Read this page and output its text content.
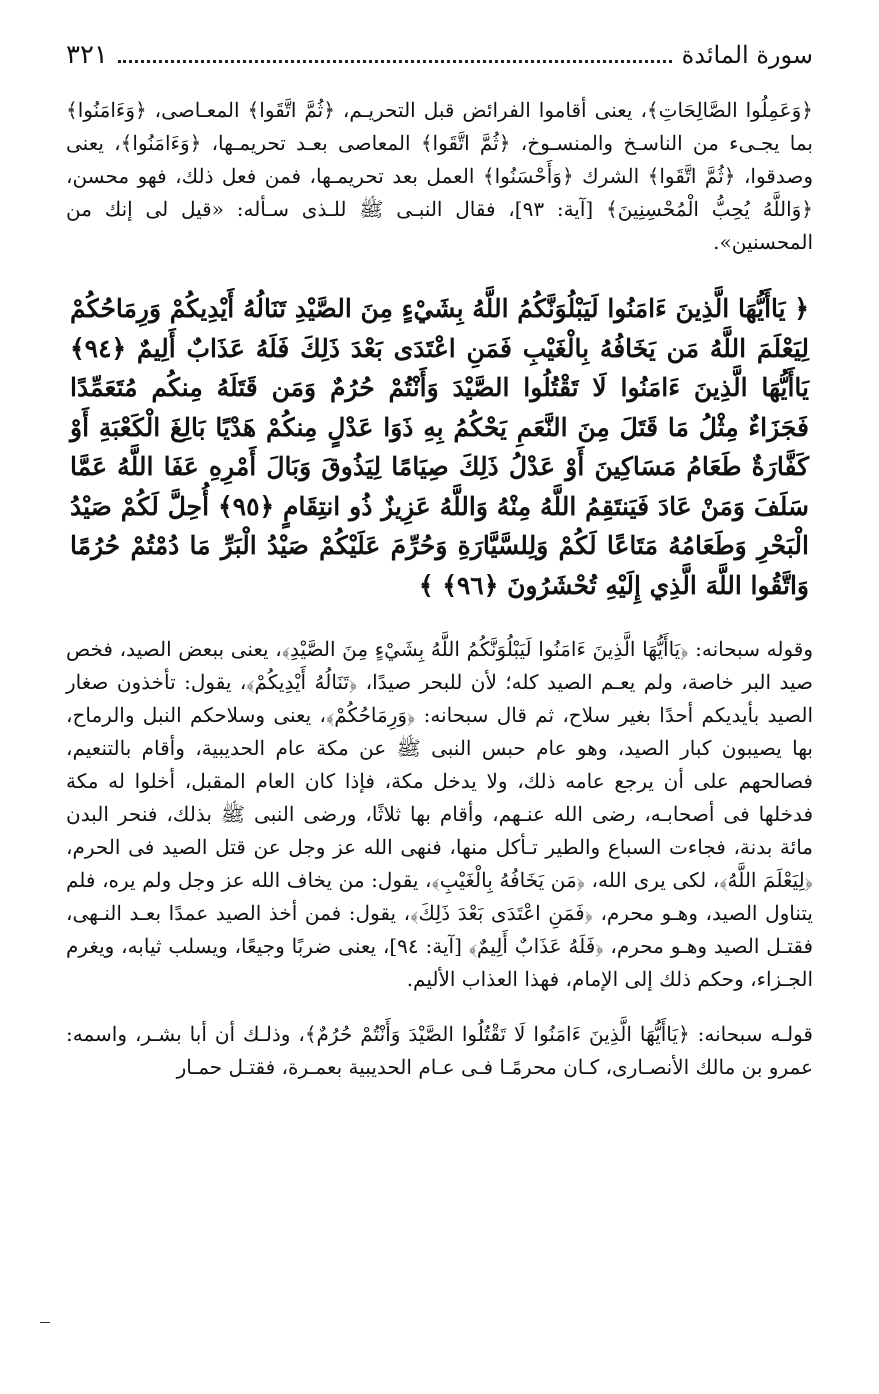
سورة المائدة
٣٢١

﴿وَعَمِلُوا الصَّالِحَاتِ﴾، يعنى أقاموا الفرائض قبل التحريـم، ﴿ثُمَّ اتَّقَوا﴾ المعـاصى، ﴿وَءَامَنُوا﴾ بما يجـىء من الناسـخ والمنسـوخ، ﴿ثُمَّ اتَّقَوا﴾ المعاصى بعـد تحريمـها، ﴿وَءَامَنُوا﴾، يعنى وصدقوا، ﴿ثُمَّ اتَّقَوا﴾ الشرك ﴿وَأَحْسَنُوا﴾ العمل بعد تحريمـها، فمن فعل ذلك، فهو محسن، ﴿وَاللَّهُ يُحِبُّ الْمُحْسِنِينَ﴾ [آية: ٩٣]، فقال النبـى ﷺ للـذى سـأله: «قيل لى إنك من المحسنين».

﴿ يَاأَيُّهَا الَّذِينَ ءَامَنُوا لَيَبْلُوَنَّكُمُ اللَّهُ بِشَيْءٍ مِنَ الصَّيْدِ تَنَالُهُ أَيْدِيكُمْ وَرِمَاحُكُمْ لِيَعْلَمَ اللَّهُ مَن يَخَافُهُ بِالْغَيْبِ فَمَنِ اعْتَدَى بَعْدَ ذَلِكَ فَلَهُ عَذَابٌ أَلِيمٌ ﴿٩٤﴾ يَاأَيُّهَا الَّذِينَ ءَامَنُوا لَا تَقْتُلُوا الصَّيْدَ وَأَنْتُمْ حُرُمٌ وَمَن قَتَلَهُ مِنكُم مُتَعَمِّدًا فَجَزَاءٌ مِثْلُ مَا قَتَلَ مِنَ النَّعَمِ يَحْكُمُ بِهِ ذَوَا عَدْلٍ مِنكُمْ هَدْيًا بَالِغَ الْكَعْبَةِ أَوْ كَفَّارَةٌ طَعَامُ مَسَاكِينَ أَوْ عَدْلُ ذَلِكَ صِيَامًا لِيَذُوقَ وَبَالَ أَمْرِهِ عَفَا اللَّهُ عَمَّا سَلَفَ وَمَنْ عَادَ فَيَنتَقِمُ اللَّهُ مِنْهُ وَاللَّهُ عَزِيزٌ ذُو انتِقَامٍ ﴿٩٥﴾ أُحِلَّ لَكُمْ صَيْدُ الْبَحْرِ وَطَعَامُهُ مَتَاعًا لَكُمْ وَلِلسَّيَّارَةِ وَحُرِّمَ عَلَيْكُمْ صَيْدُ الْبَرِّ مَا دُمْتُمْ حُرُمًا وَاتَّقُوا اللَّهَ الَّذِي إِلَيْهِ تُحْشَرُونَ ﴿٩٦﴾ ﴾

وقوله سبحانه: ﴿يَاأَيُّهَا الَّذِينَ ءَامَنُوا لَيَبْلُوَنَّكُمُ اللَّهُ بِشَيْءٍ مِنَ الصَّيْدِ﴾، يعنى ببعض الصيد، فخص صيد البر خاصة، ولم يعـم الصيد كله؛ لأن للبحر صيدًا، ﴿تَنَالُهُ أَيْدِيكُمْ﴾، يقول: تأخذون صغار الصيد بأيديكم أحدًا بغير سلاح، ثم قال سبحانه: ﴿وَرِمَاحُكُمْ﴾، يعنى وسلاحكم النبل والرماح، بها يصيبون كبار الصيد، وهو عام حبس النبى ﷺ عن مكة عام الحديبية، وأقام بالتنعيم، فصالحهم على أن يرجع عامه ذلك، ولا يدخل مكة، فإذا كان العام المقبل، أخلوا له مكة فدخلها فى أصحابـه، رضى الله عنـهم، وأقام بها ثلاثًا، ورضى النبى ﷺ بذلك، فنحر البدن مائة بدنة، فجاءت السباع والطير تـأكل منها، فنهى الله عز وجل عن قتل الصيد فى الحرم، ﴿لِيَعْلَمَ اللَّهُ﴾، لكى يرى الله، ﴿مَن يَخَافُهُ بِالْغَيْبِ﴾، يقول: من يخاف الله عز وجل ولم يره، فلم يتناول الصيد، وهـو محرم، ﴿فَمَنِ اعْتَدَى بَعْدَ ذَلِكَ﴾، يقول: فمن أخذ الصيد عمدًا بعـد النـهى، فقتـل الصيد وهـو محرم، ﴿فَلَهُ عَذَابٌ أَلِيمٌ﴾ [آية: ٩٤]، يعنى ضربًا وجيعًا، ويسلب ثيابه، ويغرم الجـزاء، وحكم ذلك إلى الإمام، فهذا العذاب الأليم.

قولـه سبحانه: ﴿يَاأَيُّهَا الَّذِينَ ءَامَنُوا لَا تَقْتُلُوا الصَّيْدَ وَأَنْتُمْ حُرُمٌ﴾، وذلـك أن أبا بشـر، واسمه: عمرو بن مالك الأنصـارى، كـان محرمًـا فـى عـام الحديبية بعمـرة، فقتـل حمـار
